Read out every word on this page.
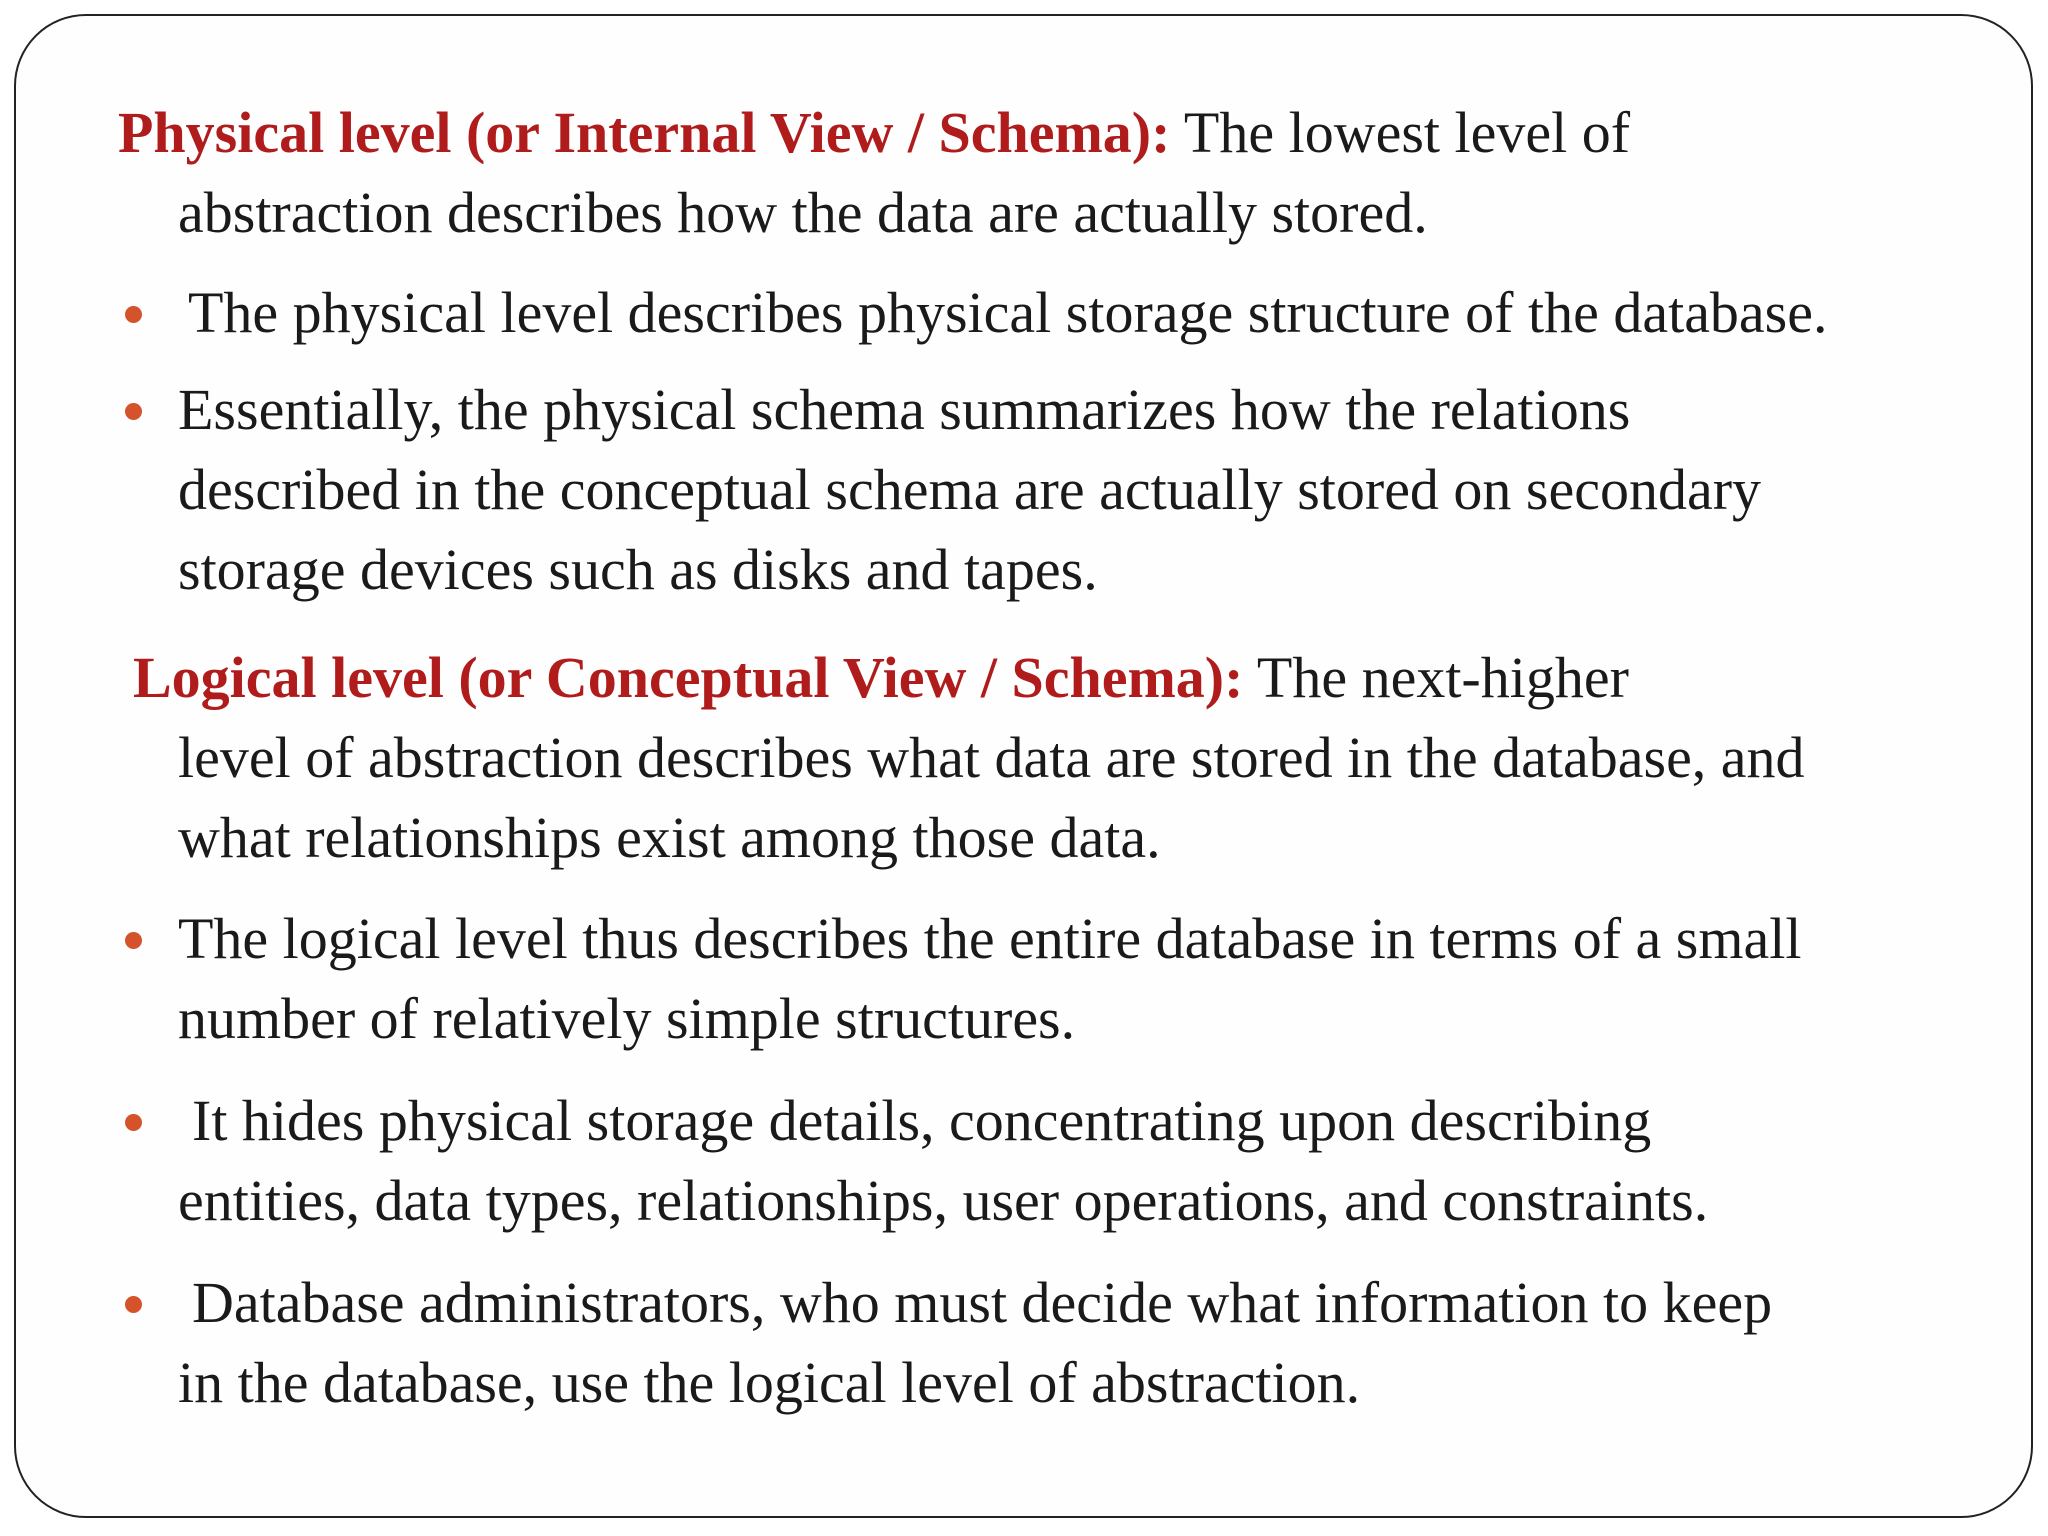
Physical level (or Internal View / Schema): The lowest level of
abstraction describes how the data are actually stored.

The physical level describes physical storage structure of the database.

Essentially, the physical schema summarizes how the relations
described in the conceptual schema are actually stored on secondary
storage devices such as disks and tapes.

Logical level (or Conceptual View / Schema): The next-higher
level of abstraction describes what data are stored in the database, and
what relationships exist among those data.

The logical level thus describes the entire database in terms of a small
number of relatively simple structures.

It hides physical storage details, concentrating upon describing
entities, data types, relationships, user operations, and constraints.

Database administrators, who must decide what information to keep
in the database, use the logical level of abstraction.
